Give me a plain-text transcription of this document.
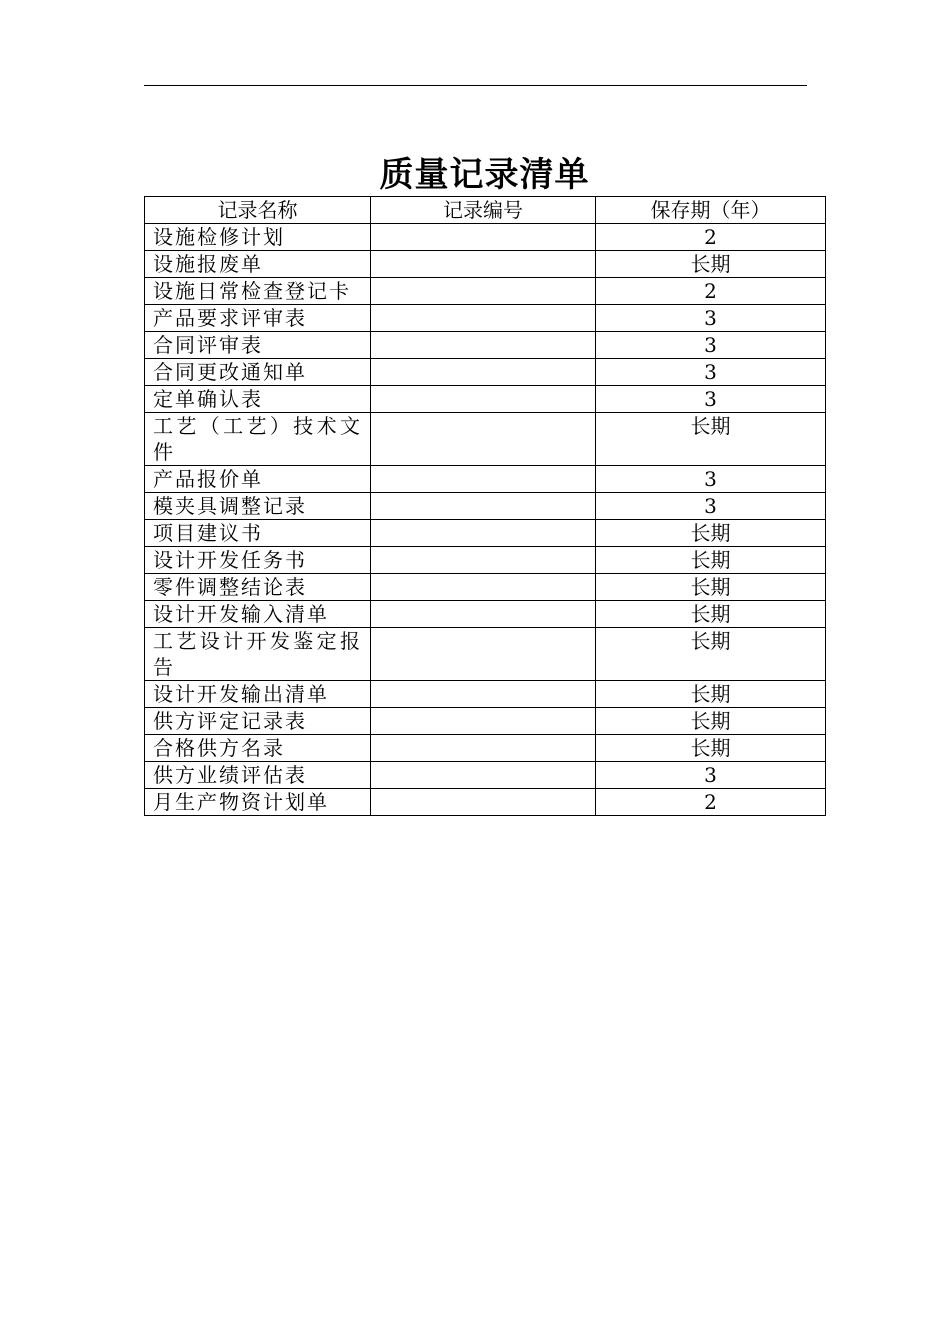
质量记录清单
记录名称	记录编号	保存期（年）
设施检修计划		2
设施报废单		长期
设施日常检查登记卡		2
产品要求评审表		3
合同评审表		3
合同更改通知单		3
定单确认表		3
工艺（工艺）技术文件		长期
产品报价单		3
模夹具调整记录		3
项目建议书		长期
设计开发任务书		长期
零件调整结论表		长期
设计开发输入清单		长期
工艺设计开发鉴定报告		长期
设计开发输出清单		长期
供方评定记录表		长期
合格供方名录		长期
供方业绩评估表		3
月生产物资计划单		2
